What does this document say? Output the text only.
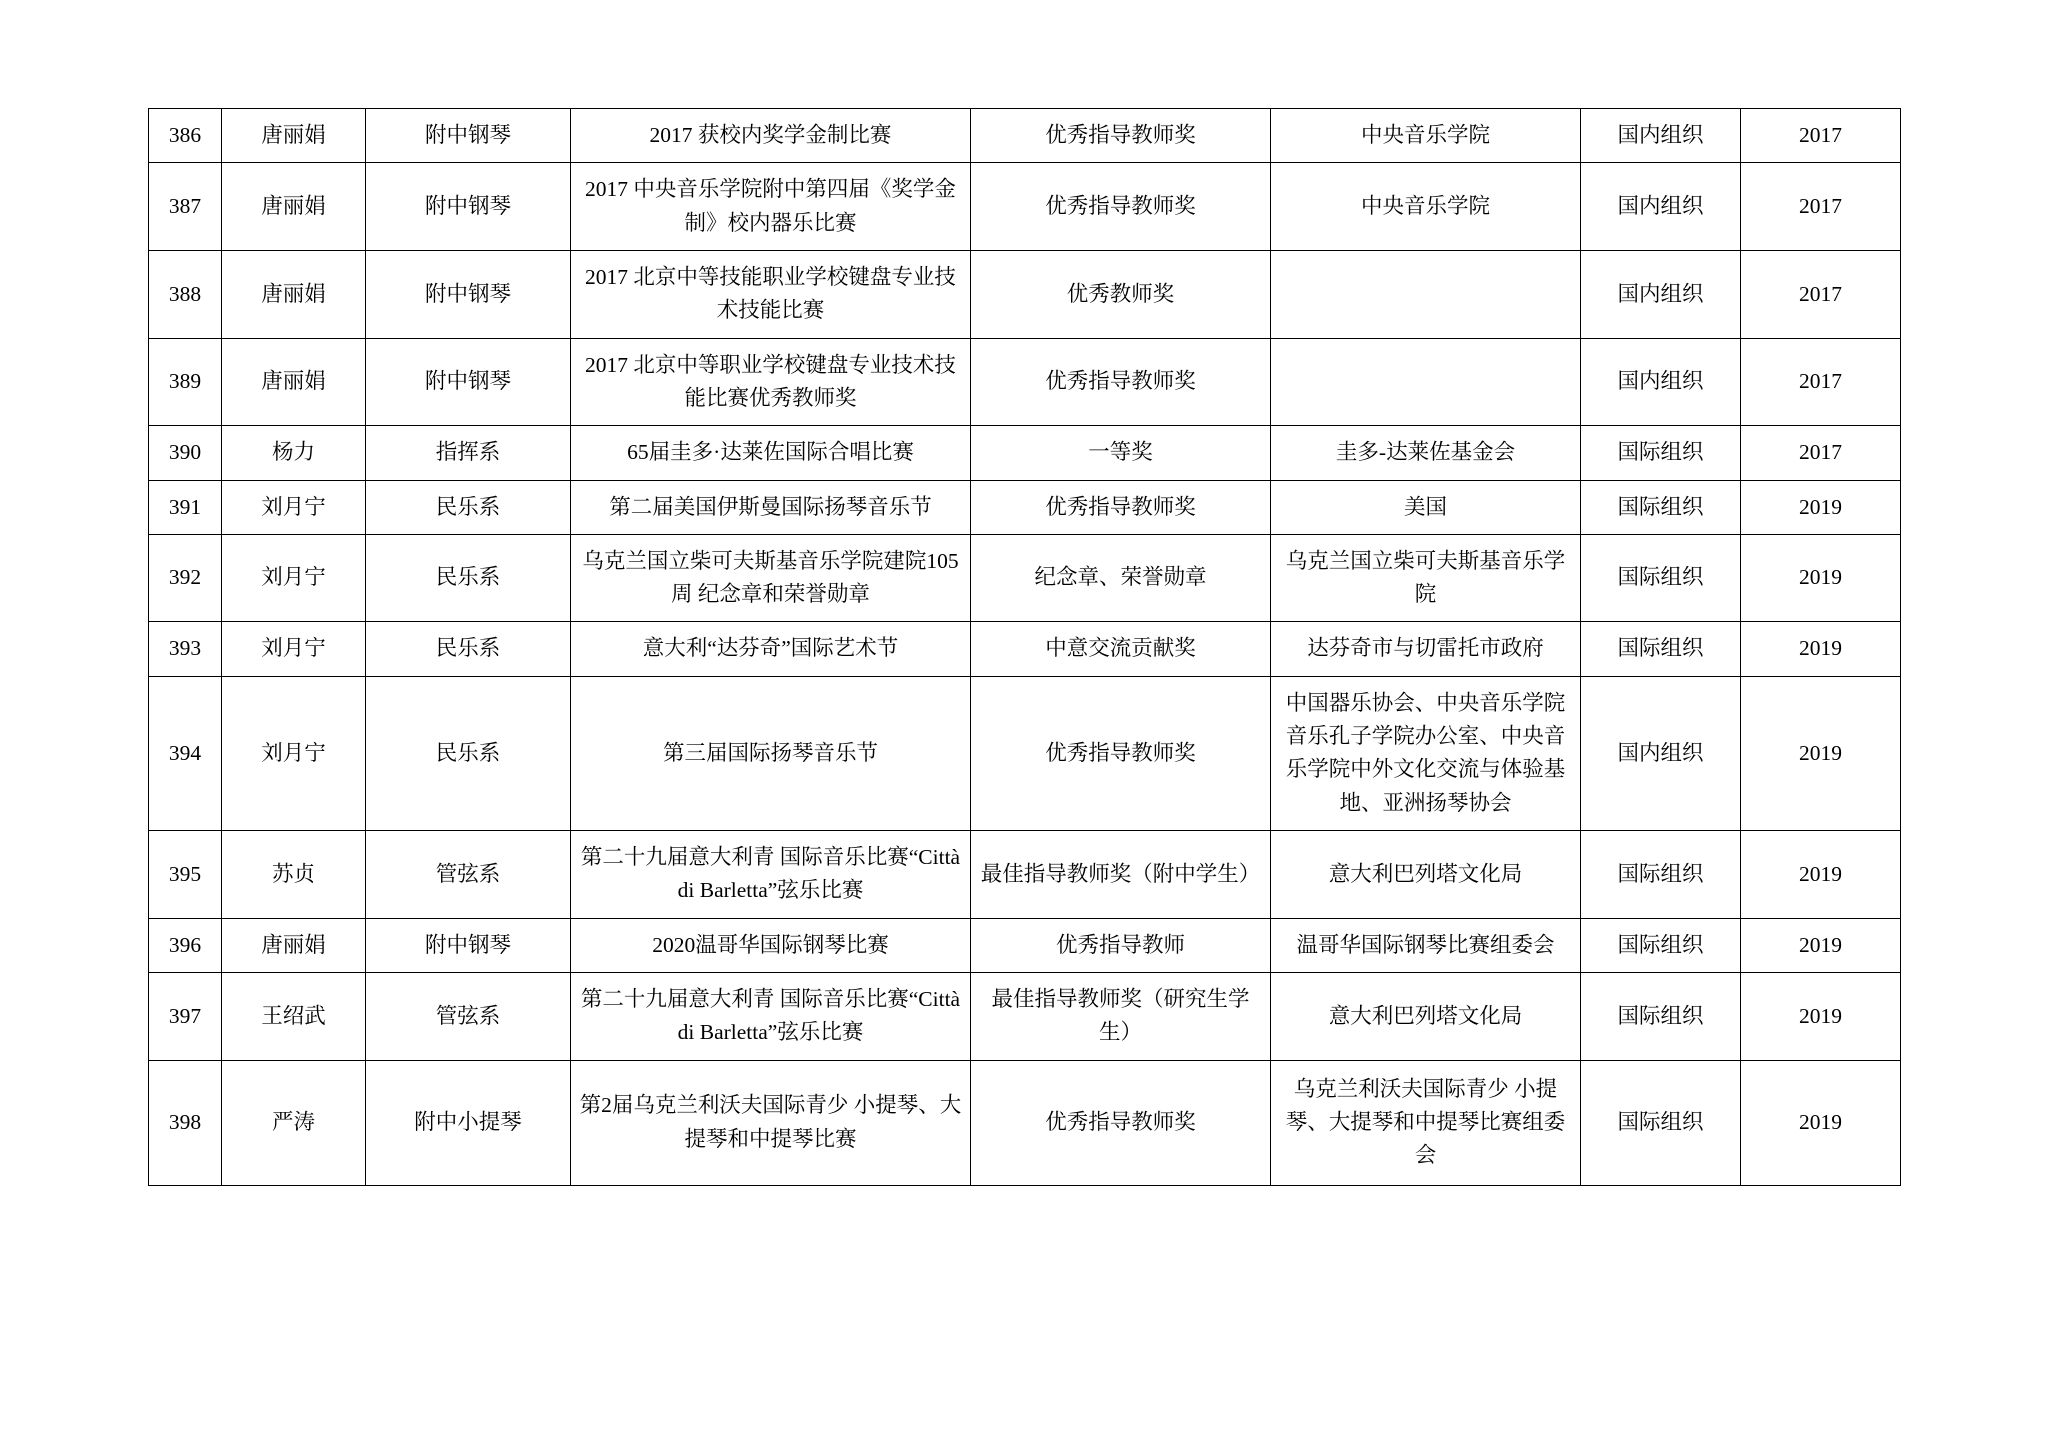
386	唐丽娟	附中钢琴	2017 获校内奖学金制比赛	优秀指导教师奖	中央音乐学院	国内组织	2017
387	唐丽娟	附中钢琴	2017 中央音乐学院附中第四届《奖学金制》校内器乐比赛	优秀指导教师奖	中央音乐学院	国内组织	2017
388	唐丽娟	附中钢琴	2017 北京中等技能职业学校键盘专业技术技能比赛	优秀教师奖		国内组织	2017
389	唐丽娟	附中钢琴	2017 北京中等职业学校键盘专业技术技能比赛优秀教师奖	优秀指导教师奖		国内组织	2017
390	杨力	指挥系	65届圭多·达莱佐国际合唱比赛	一等奖	圭多-达莱佐基金会	国际组织	2017
391	刘月宁	民乐系	第二届美国伊斯曼国际扬琴音乐节	优秀指导教师奖	美国	国际组织	2019
392	刘月宁	民乐系	乌克兰国立柴可夫斯基音乐学院建院105周 纪念章和荣誉勋章	纪念章、荣誉勋章	乌克兰国立柴可夫斯基音乐学院	国际组织	2019
393	刘月宁	民乐系	意大利“达芬奇”国际艺术节	中意交流贡献奖	达芬奇市与切雷托市政府	国际组织	2019
394	刘月宁	民乐系	第三届国际扬琴音乐节	优秀指导教师奖	中国器乐协会、中央音乐学院音乐孔子学院办公室、中央音乐学院中外文化交流与体验基地、亚洲扬琴协会	国内组织	2019
395	苏贞	管弦系	第二十九届意大利青 国际音乐比赛“Città di Barletta”弦乐比赛	最佳指导教师奖（附中学生）	意大利巴列塔文化局	国际组织	2019
396	唐丽娟	附中钢琴	2020温哥华国际钢琴比赛	优秀指导教师	温哥华国际钢琴比赛组委会	国际组织	2019
397	王绍武	管弦系	第二十九届意大利青 国际音乐比赛“Città di Barletta”弦乐比赛	最佳指导教师奖（研究生学生）	意大利巴列塔文化局	国际组织	2019
398	严涛	附中小提琴	第2届乌克兰利沃夫国际青少 小提琴、大提琴和中提琴比赛	优秀指导教师奖	乌克兰利沃夫国际青少 小提琴、大提琴和中提琴比赛组委会	国际组织	2019
